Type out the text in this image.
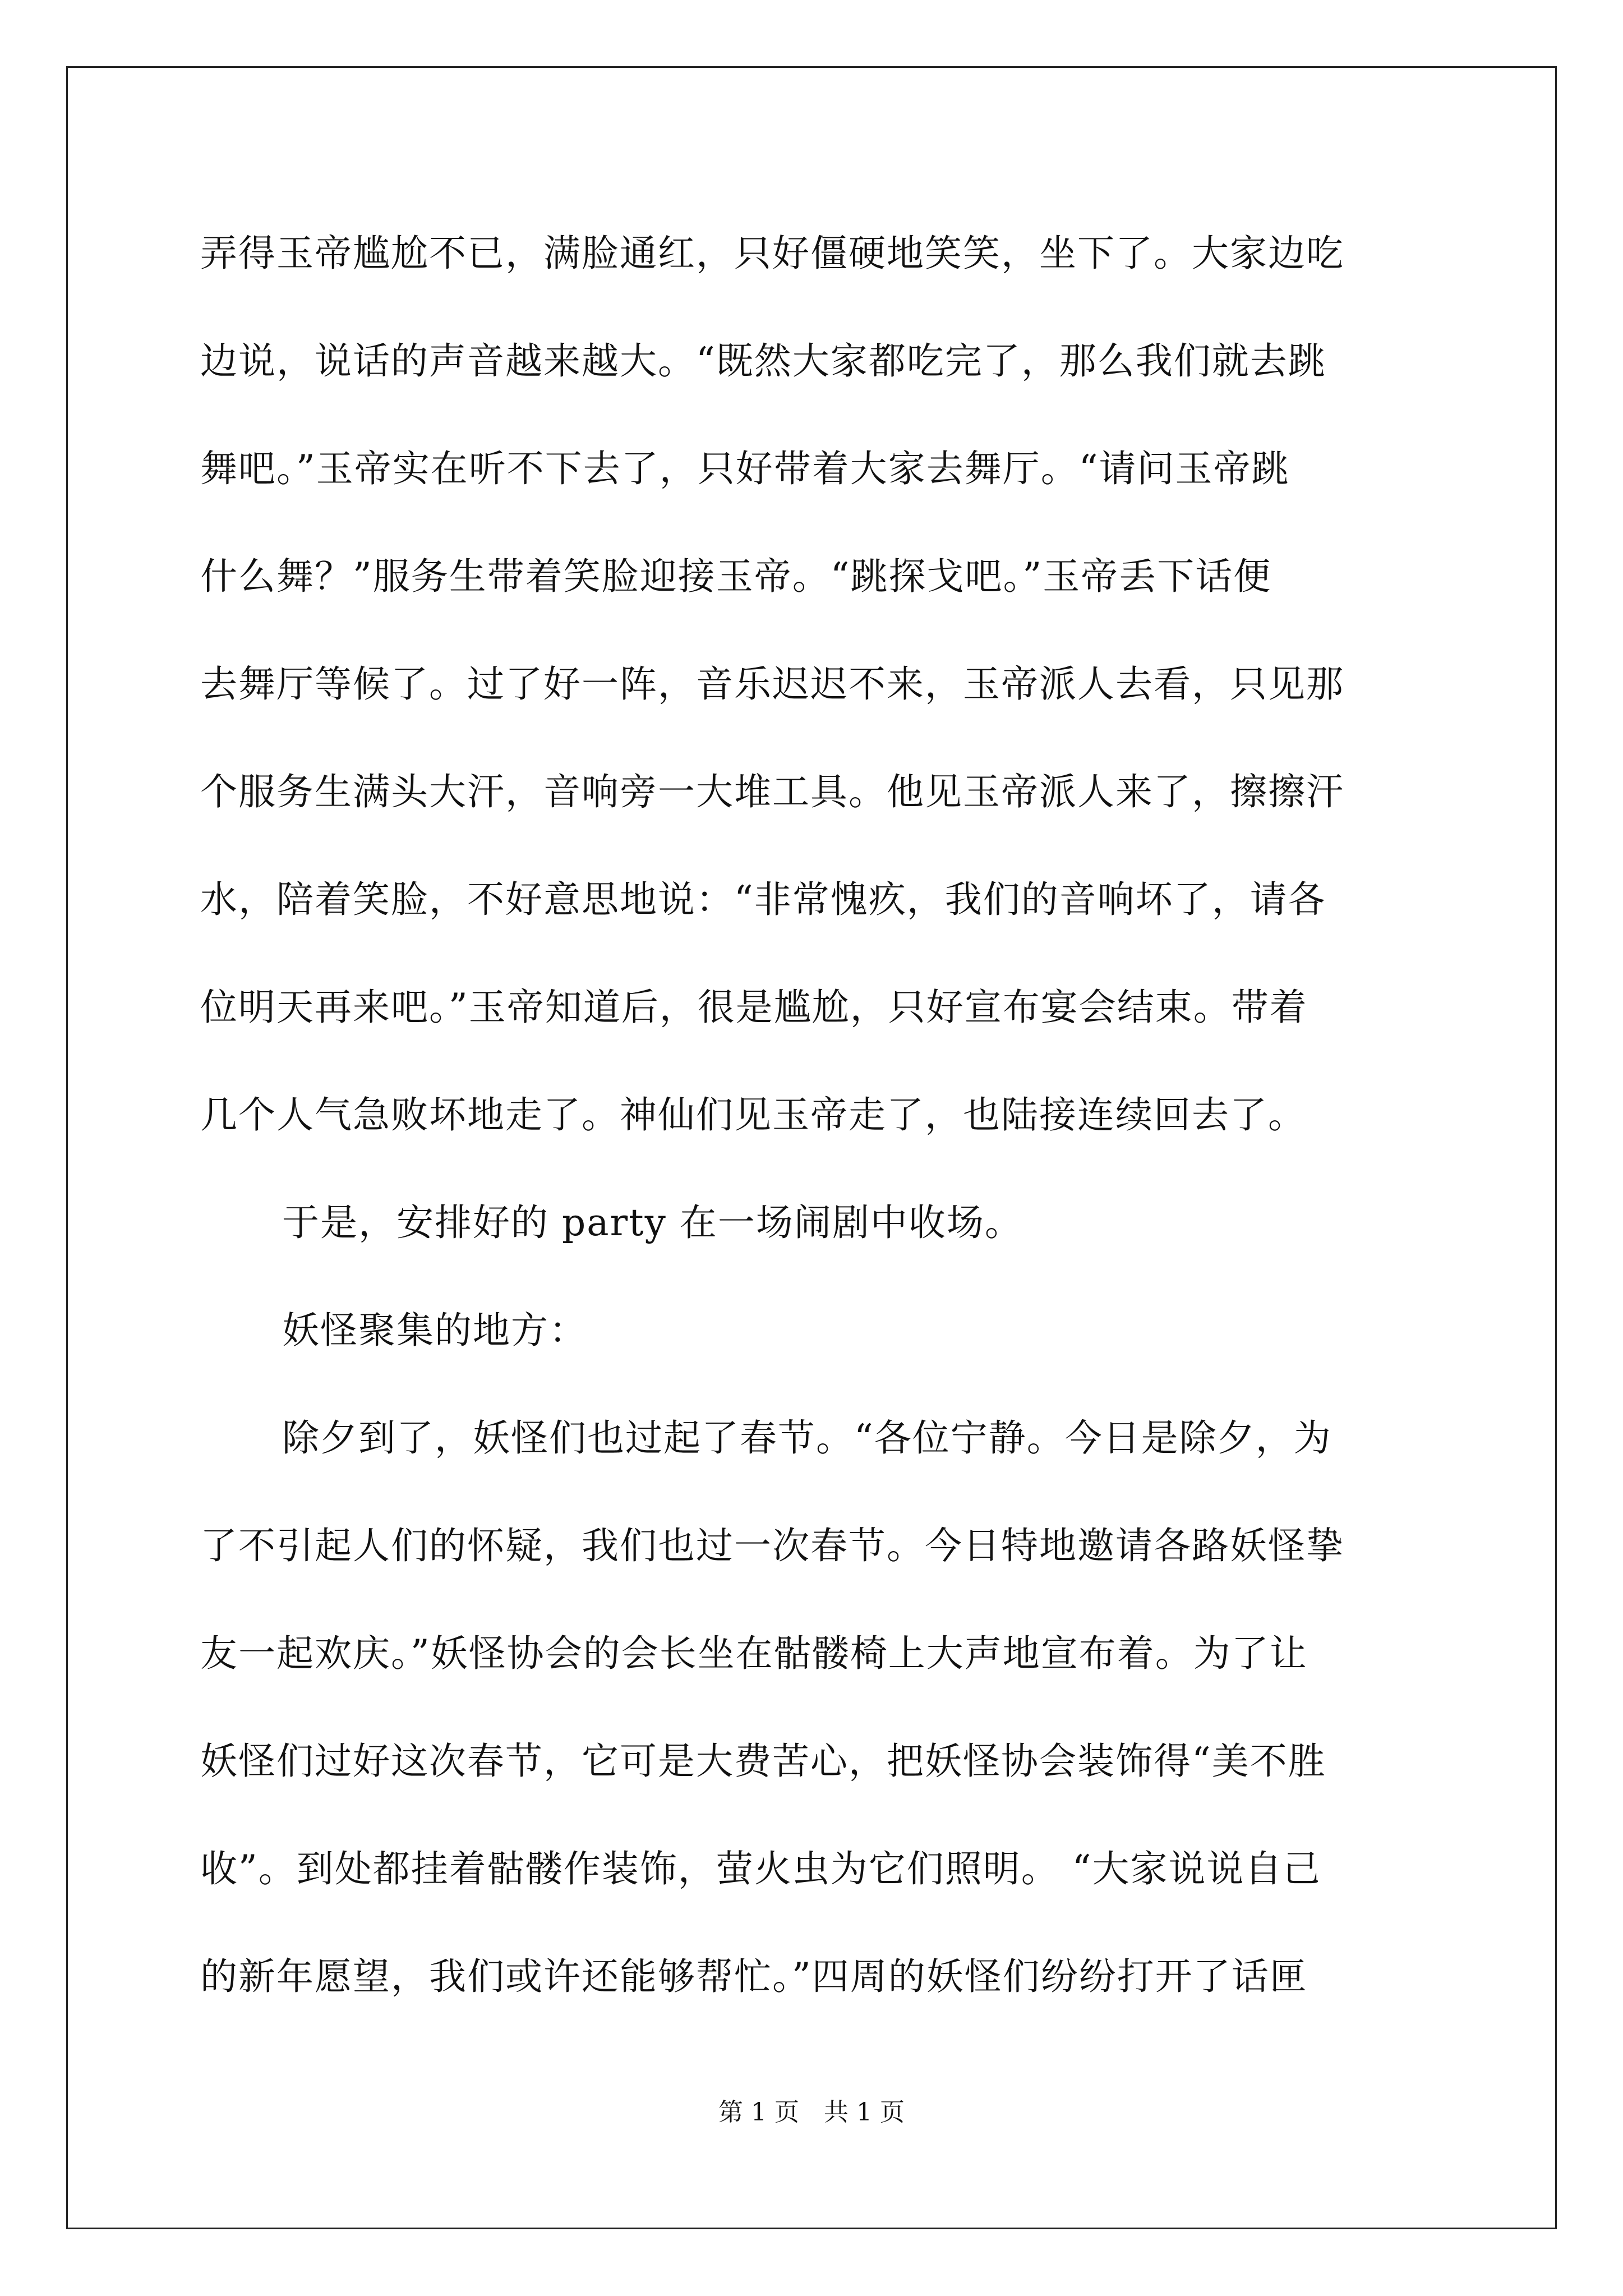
弄得玉帝尴尬不已，满脸通红，只好僵硬地笑笑，坐下了。大家边吃
边说，说话的声音越来越大。“既然大家都吃完了，那么我们就去跳
舞吧。”玉帝实在听不下去了，只好带着大家去舞厅。“请问玉帝跳
什么舞？”服务生带着笑脸迎接玉帝。“跳探戈吧。”玉帝丢下话便
去舞厅等候了。过了好一阵，音乐迟迟不来，玉帝派人去看，只见那
个服务生满头大汗，音响旁一大堆工具。他见玉帝派人来了，擦擦汗
水，陪着笑脸，不好意思地说：“非常愧疚，我们的音响坏了，请各
位明天再来吧。”玉帝知道后，很是尴尬，只好宣布宴会结束。带着
几个人气急败坏地走了。神仙们见玉帝走了，也陆接连续回去了。
于是，安排好的 party 在一场闹剧中收场。
妖怪聚集的地方：
除夕到了，妖怪们也过起了春节。“各位宁静。今日是除夕，为
了不引起人们的怀疑，我们也过一次春节。今日特地邀请各路妖怪挚
友一起欢庆。”妖怪协会的会长坐在骷髅椅上大声地宣布着。为了让
妖怪们过好这次春节，它可是大费苦心，把妖怪协会装饰得“美不胜
收”。到处都挂着骷髅作装饰，萤火虫为它们照明。 “大家说说自己
的新年愿望，我们或许还能够帮忙。”四周的妖怪们纷纷打开了话匣
第 1 页　共 1 页
